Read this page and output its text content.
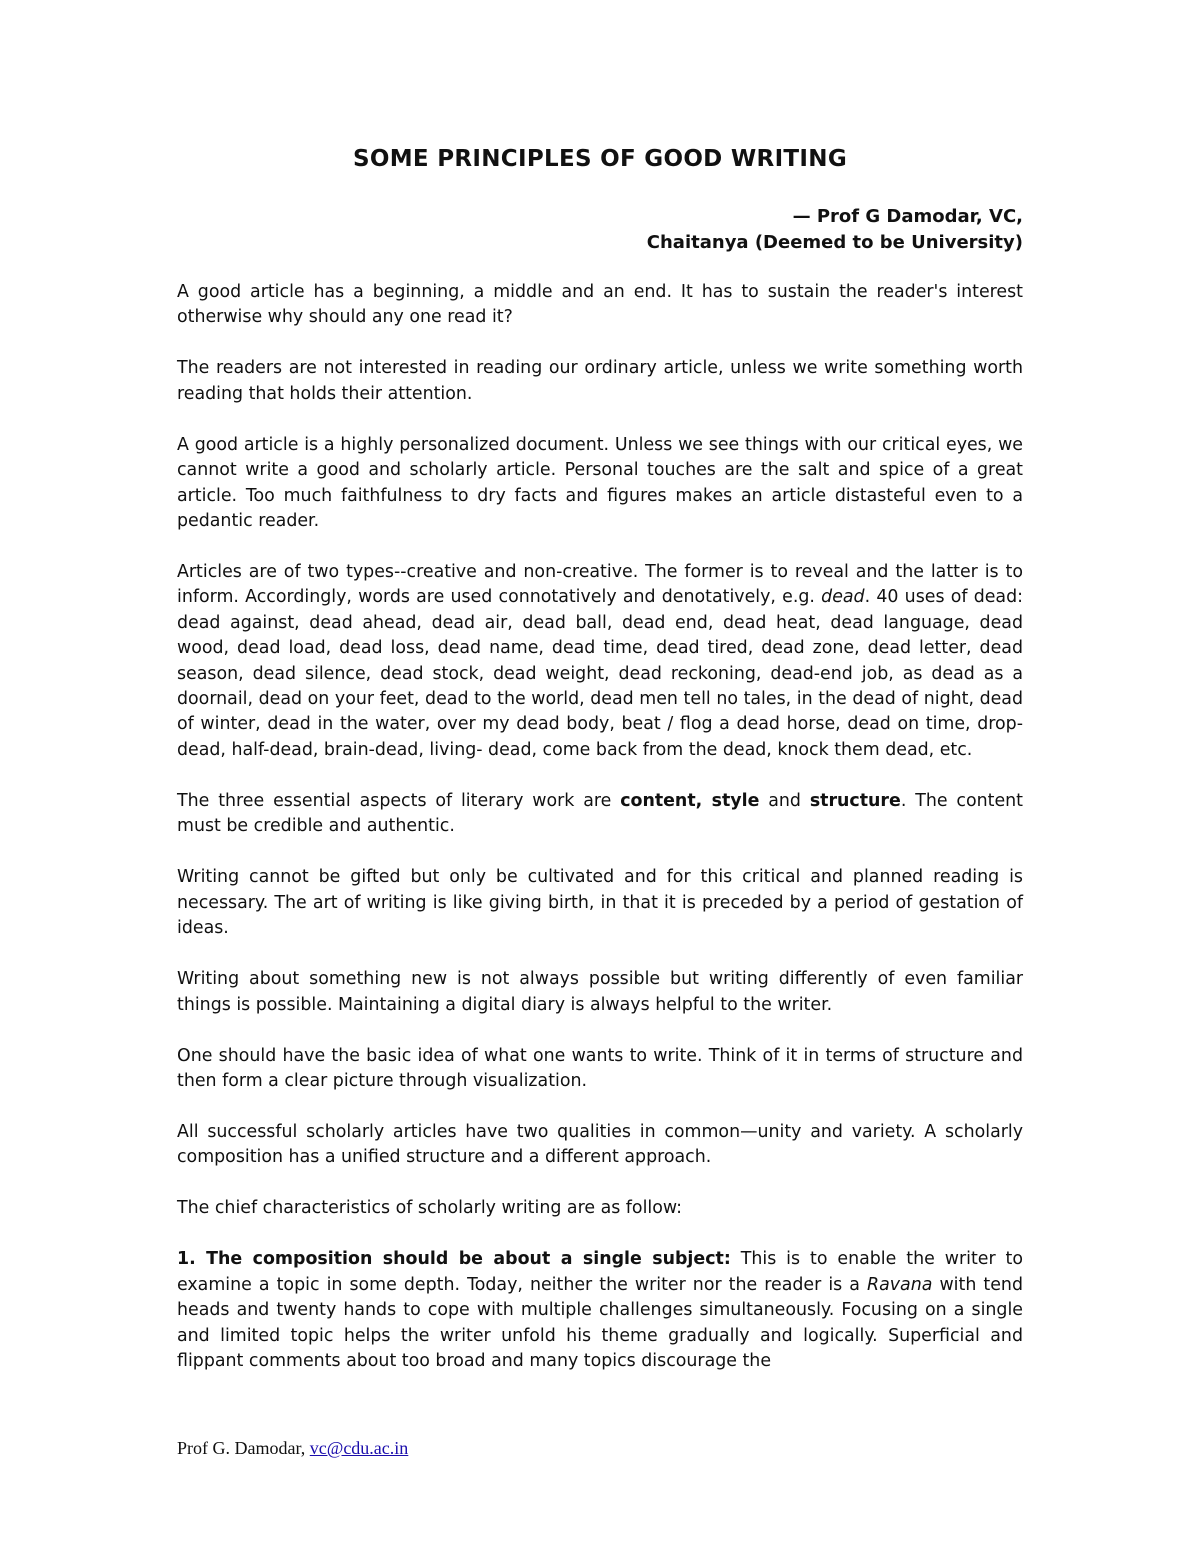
SOME PRINCIPLES OF GOOD WRITING
— Prof G Damodar, VC,
Chaitanya (Deemed to be University)

A good article has a beginning, a middle and an end. It has to sustain the reader's interest otherwise why should any one read it?

The readers are not interested in reading our ordinary article, unless we write something worth reading that holds their attention.

A good article is a highly personalized document. Unless we see things with our critical eyes, we cannot write a good and scholarly article. Personal touches are the salt and spice of a great article. Too much faithfulness to dry facts and figures makes an article distasteful even to a pedantic reader.

Articles are of two types--creative and non-creative. The former is to reveal and the latter is to inform. Accordingly, words are used connotatively and denotatively, e.g. dead. 40 uses of dead: dead against, dead ahead, dead air, dead ball, dead end, dead heat, dead language, dead wood, dead load, dead loss, dead name, dead time, dead tired, dead zone, dead letter, dead season, dead silence, dead stock, dead weight, dead reckoning, dead-end job, as dead as a doornail, dead on your feet, dead to the world, dead men tell no tales, in the dead of night, dead of winter, dead in the water, over my dead body, beat / flog a dead horse, dead on time, drop-dead, half-dead, brain-dead, living- dead, come back from the dead, knock them dead, etc.

The three essential aspects of literary work are content, style and structure. The content must be credible and authentic.

Writing cannot be gifted but only be cultivated and for this critical and planned reading is necessary. The art of writing is like giving birth, in that it is preceded by a period of gestation of ideas.

Writing about something new is not always possible but writing differently of even familiar things is possible. Maintaining a digital diary is always helpful to the writer.

One should have the basic idea of what one wants to write. Think of it in terms of structure and then form a clear picture through visualization.

All successful scholarly articles have two qualities in common—unity and variety. A scholarly composition has a unified structure and a different approach.

The chief characteristics of scholarly writing are as follow:

1. The composition should be about a single subject: This is to enable the writer to examine a topic in some depth. Today, neither the writer nor the reader is a Ravana with tend heads and twenty hands to cope with multiple challenges simultaneously. Focusing on a single and limited topic helps the writer unfold his theme gradually and logically. Superficial and flippant comments about too broad and many topics discourage the

Prof G. Damodar, vc@cdu.ac.in
